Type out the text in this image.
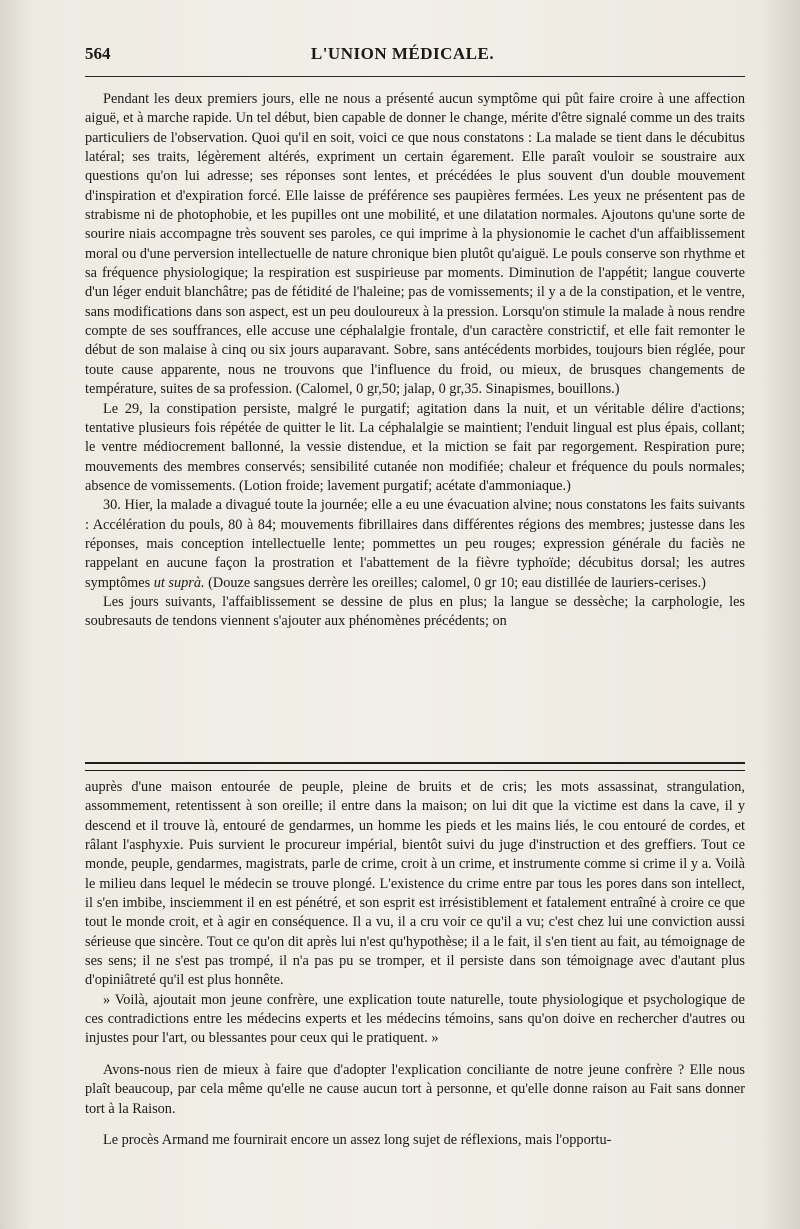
564	L'UNION MÉDICALE.

Pendant les deux premiers jours, elle ne nous a présenté aucun symptôme qui pût faire croire à une affection aiguë, et à marche rapide. Un tel début, bien capable de donner le change, mérite d'être signalé comme un des traits particuliers de l'observation. Quoi qu'il en soit, voici ce que nous constatons : La malade se tient dans le décubitus latéral; ses traits, légèrement altérés, expriment un certain égarement. Elle paraît vouloir se soustraire aux questions qu'on lui adresse; ses réponses sont lentes, et précédées le plus souvent d'un double mouvement d'inspiration et d'expiration forcé. Elle laisse de préférence ses paupières fermées. Les yeux ne présentent pas de strabisme ni de photophobie, et les pupilles ont une mobilité, et une dilatation normales. Ajoutons qu'une sorte de sourire niais accompagne très souvent ses paroles, ce qui imprime à la physionomie le cachet d'un affaiblissement moral ou d'une perversion intellectuelle de nature chronique bien plutôt qu'aiguë. Le pouls conserve son rhythme et sa fréquence physiologique; la respiration est suspirieuse par moments. Diminution de l'appétit; langue couverte d'un léger enduit blanchâtre; pas de fétidité de l'haleine; pas de vomissements; il y a de la constipation, et le ventre, sans modifications dans son aspect, est un peu douloureux à la pression. Lorsqu'on stimule la malade à nous rendre compte de ses souffrances, elle accuse une céphalalgie frontale, d'un caractère constrictif, et elle fait remonter le début de son malaise à cinq ou six jours auparavant. Sobre, sans antécédents morbides, toujours bien réglée, pour toute cause apparente, nous ne trouvons que l'influence du froid, ou mieux, de brusques changements de température, suites de sa profession. (Calomel, 0 gr,50; jalap, 0 gr,35. Sinapismes, bouillons.)

Le 29, la constipation persiste, malgré le purgatif; agitation dans la nuit, et un véritable délire d'actions; tentative plusieurs fois répétée de quitter le lit. La céphalalgie se maintient; l'enduit lingual est plus épais, collant; le ventre médiocrement ballonné, la vessie distendue, et la miction se fait par regorgement. Respiration pure; mouvements des membres conservés; sensibilité cutanée non modifiée; chaleur et fréquence du pouls normales; absence de vomissements. (Lotion froide; lavement purgatif; acétate d'ammoniaque.)

30. Hier, la malade a divagué toute la journée; elle a eu une évacuation alvine; nous constatons les faits suivants : Accélération du pouls, 80 à 84; mouvements fibrillaires dans différentes régions des membres; justesse dans les réponses, mais conception intellectuelle lente; pommettes un peu rouges; expression générale du faciès ne rappelant en aucune façon la prostration et l'abattement de la fièvre typhoïde; décubitus dorsal; les autres symptômes ut suprà. (Douze sangsues derrère les oreilles; calomel, 0 gr 10; eau distillée de lauriers-cerises.)

Les jours suivants, l'affaiblissement se dessine de plus en plus; la langue se dessèche; la carphologie, les soubresauts de tendons viennent s'ajouter aux phénomènes précédents; on

auprès d'une maison entourée de peuple, pleine de bruits et de cris; les mots assassinat, strangulation, assommement, retentissent à son oreille; il entre dans la maison; on lui dit que la victime est dans la cave, il y descend et il trouve là, entouré de gendarmes, un homme les pieds et les mains liés, le cou entouré de cordes, et râlant l'asphyxie. Puis survient le procureur impérial, bientôt suivi du juge d'instruction et des greffiers. Tout ce monde, peuple, gendarmes, magistrats, parle de crime, croit à un crime, et instrumente comme si crime il y a. Voilà le milieu dans lequel le médecin se trouve plongé. L'existence du crime entre par tous les pores dans son intellect, il s'en imbibe, insciemment il en est pénétré, et son esprit est irrésistiblement et fatalement entraîné à croire ce que tout le monde croit, et à agir en conséquence. Il a vu, il a cru voir ce qu'il a vu; c'est chez lui une conviction aussi sérieuse que sincère. Tout ce qu'on dit après lui n'est qu'hypothèse; il a le fait, il s'en tient au fait, au témoignage de ses sens; il ne s'est pas trompé, il n'a pas pu se tromper, et il persiste dans son témoignage avec d'autant plus d'opiniâtreté qu'il est plus honnête.

» Voilà, ajoutait mon jeune confrère, une explication toute naturelle, toute physiologique et psychologique de ces contradictions entre les médecins experts et les médecins témoins, sans qu'on doive en rechercher d'autres ou injustes pour l'art, ou blessantes pour ceux qui le pratiquent. »

Avons-nous rien de mieux à faire que d'adopter l'explication conciliante de notre jeune confrère ? Elle nous plaît beaucoup, par cela même qu'elle ne cause aucun tort à personne, et qu'elle donne raison au Fait sans donner tort à la Raison.

Le procès Armand me fournirait encore un assez long sujet de réflexions, mais l'opportu-
